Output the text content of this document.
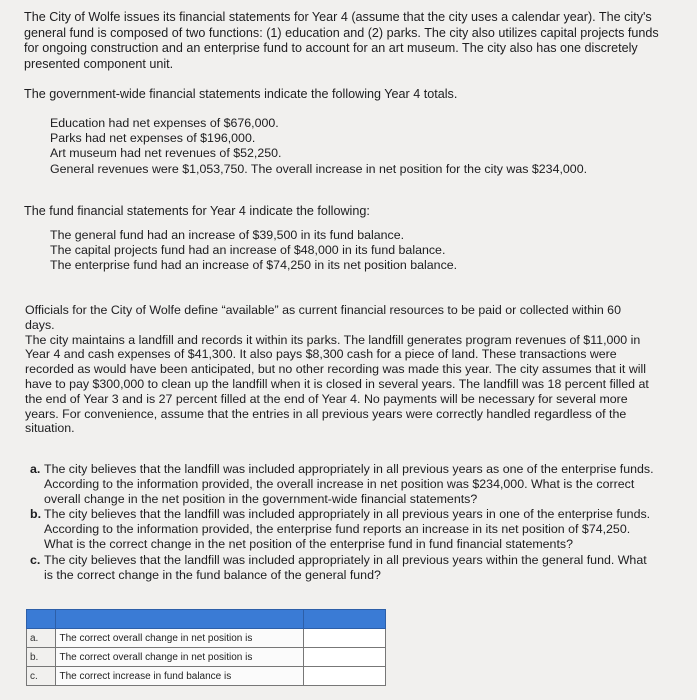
The City of Wolfe issues its financial statements for Year 4 (assume that the city uses a calendar year). The city's

general fund is composed of two functions: (1) education and (2) parks. The city also utilizes capital projects funds

for ongoing construction and an enterprise fund to account for an art museum. The city also has one discretely

presented component unit.

The government-wide financial statements indicate the following Year 4 totals.

Education had net expenses of $676,000.

Parks had net expenses of $196,000.

Art museum had net revenues of $52,250.

General revenues were $1,053,750. The overall increase in net position for the city was $234,000.

The fund financial statements for Year 4 indicate the following:

The general fund had an increase of $39,500 in its fund balance.

The capital projects fund had an increase of $48,000 in its fund balance.

The enterprise fund had an increase of $74,250 in its net position balance.

Officials for the City of Wolfe define “available” as current financial resources to be paid or collected within 60

days.

The city maintains a landfill and records it within its parks. The landfill generates program revenues of $11,000 in

Year 4 and cash expenses of $41,300. It also pays $8,300 cash for a piece of land. These transactions were

recorded as would have been anticipated, but no other recording was made this year. The city assumes that it will

have to pay $300,000 to clean up the landfill when it is closed in several years. The landfill was 18 percent filled at

the end of Year 3 and is 27 percent filled at the end of Year 4. No payments will be necessary for several more

years. For convenience, assume that the entries in all previous years were correctly handled regardless of the

situation.

a. The city believes that the landfill was included appropriately in all previous years as one of the enterprise funds.

According to the information provided, the overall increase in net position was $234,000. What is the correct

overall change in the net position in the government-wide financial statements?

b. The city believes that the landfill was included appropriately in all previous years in one of the enterprise funds.

According to the information provided, the enterprise fund reports an increase in its net position of $74,250.

What is the correct change in the net position of the enterprise fund in fund financial statements?

c. The city believes that the landfill was included appropriately in all previous years within the general fund. What

is the correct change in the fund balance of the general fund?

a.	The correct overall change in net position is	
b.	The correct overall change in net position is	
c.	The correct increase in fund balance is	
